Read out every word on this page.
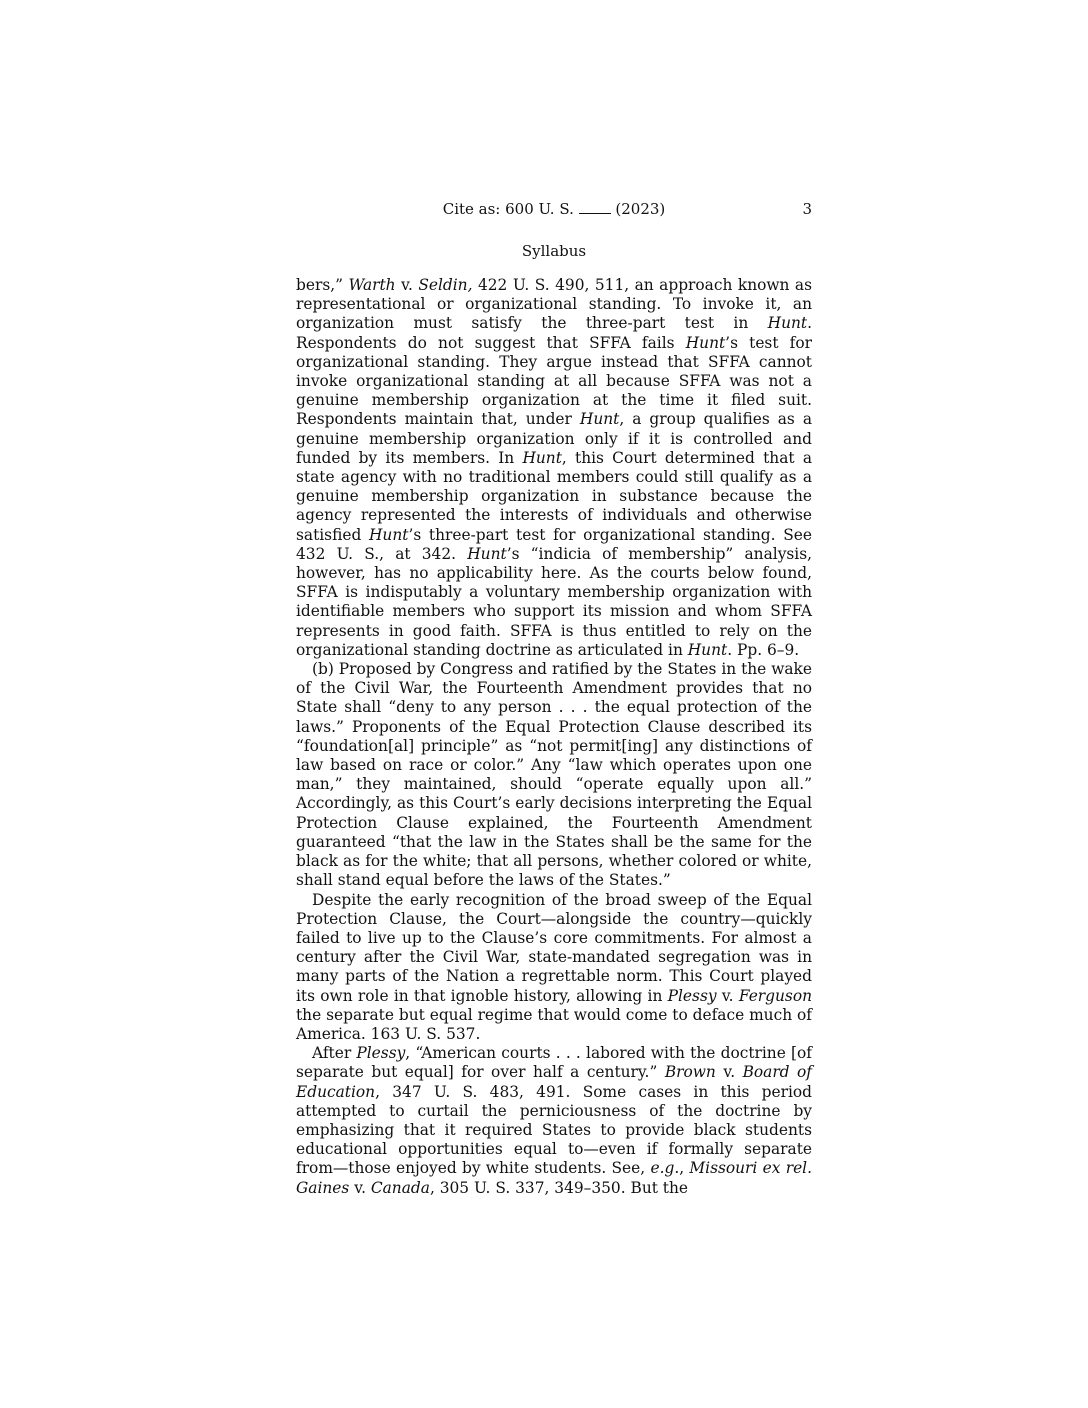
Cite as: 600 U. S.  (2023)	3
Syllabus

bers,” Warth v. Seldin, 422 U. S. 490, 511, an approach known as representational or organizational standing. To invoke it, an organization must satisfy the three-part test in Hunt. Respondents do not suggest that SFFA fails Hunt’s test for organizational standing. They argue instead that SFFA cannot invoke organizational standing at all because SFFA was not a genuine membership organization at the time it filed suit. Respondents maintain that, under Hunt, a group qualifies as a genuine membership organization only if it is controlled and funded by its members. In Hunt, this Court determined that a state agency with no traditional members could still qualify as a genuine membership organization in substance because the agency represented the interests of individuals and otherwise satisfied Hunt’s three-part test for organizational standing. See 432 U. S., at 342. Hunt’s “indicia of membership” analysis, however, has no applicability here. As the courts below found, SFFA is indisputably a voluntary membership organization with identifiable members who support its mission and whom SFFA represents in good faith. SFFA is thus entitled to rely on the organizational standing doctrine as articulated in Hunt. Pp. 6–9.

(b) Proposed by Congress and ratified by the States in the wake of the Civil War, the Fourteenth Amendment provides that no State shall “deny to any person . . . the equal protection of the laws.” Proponents of the Equal Protection Clause described its “foundation[al] principle” as “not permit[ing] any distinctions of law based on race or color.” Any “law which operates upon one man,” they maintained, should “operate equally upon all.” Accordingly, as this Court’s early decisions interpreting the Equal Protection Clause explained, the Fourteenth Amendment guaranteed “that the law in the States shall be the same for the black as for the white; that all persons, whether colored or white, shall stand equal before the laws of the States.”

Despite the early recognition of the broad sweep of the Equal Protection Clause, the Court—alongside the country—quickly failed to live up to the Clause’s core commitments. For almost a century after the Civil War, state-mandated segregation was in many parts of the Nation a regrettable norm. This Court played its own role in that ignoble history, allowing in Plessy v. Ferguson the separate but equal regime that would come to deface much of America. 163 U. S. 537.

After Plessy, “American courts . . . labored with the doctrine [of separate but equal] for over half a century.” Brown v. Board of Education, 347 U. S. 483, 491. Some cases in this period attempted to curtail the perniciousness of the doctrine by emphasizing that it required States to provide black students educational opportunities equal to—even if formally separate from—those enjoyed by white students. See, e.g., Missouri ex rel. Gaines v. Canada, 305 U. S. 337, 349–350. But the
